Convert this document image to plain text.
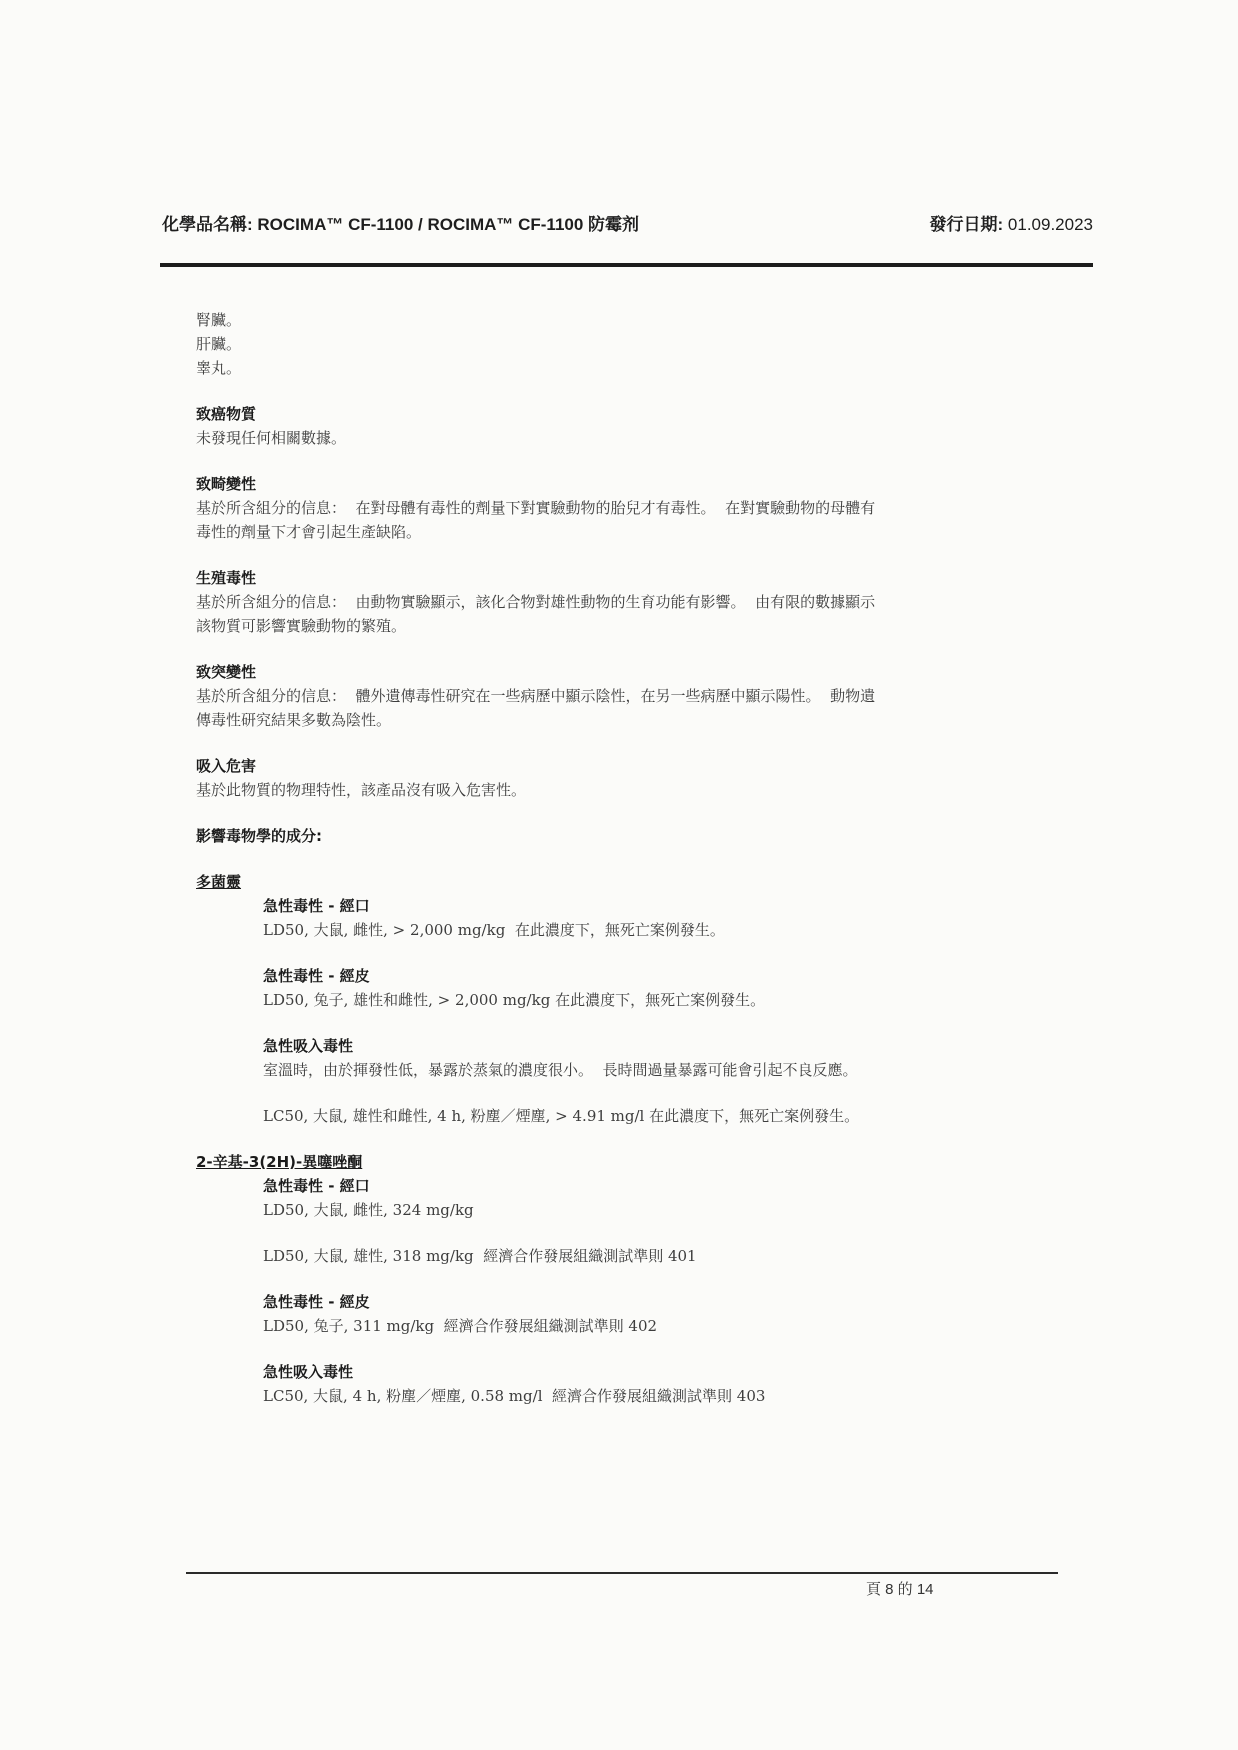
化學品名稱: ROCIMA™ CF-1100 / ROCIMA™ CF-1100 防霉剂	發行日期: 01.09.2023
腎臟。
肝臟。
睾丸。
致癌物質
未發現任何相關數據。
致畸變性
基於所含組分的信息：  在對母體有毒性的劑量下對實驗動物的胎兒才有毒性。  在對實驗動物的母體有
毒性的劑量下才會引起生產缺陷。
生殖毒性
基於所含組分的信息：  由動物實驗顯示，該化合物對雄性動物的生育功能有影響。  由有限的數據顯示
該物質可影響實驗動物的繁殖。
致突變性
基於所含組分的信息：  體外遺傳毒性研究在一些病歷中顯示陰性，在另一些病歷中顯示陽性。  動物遺
傳毒性研究結果多數為陰性。
吸入危害
基於此物質的物理特性，該產品沒有吸入危害性。
影響毒物學的成分:
多菌靈
急性毒性 - 經口
LD50, 大鼠, 雌性, > 2,000 mg/kg  在此濃度下，無死亡案例發生。
急性毒性 - 經皮
LD50, 兔子, 雄性和雌性, > 2,000 mg/kg 在此濃度下，無死亡案例發生。
急性吸入毒性
室溫時，由於揮發性低，暴露於蒸氣的濃度很小。  長時間過量暴露可能會引起不良反應。
LC50, 大鼠, 雄性和雌性, 4 h, 粉塵／煙塵, > 4.91 mg/l 在此濃度下，無死亡案例發生。
2-辛基-3(2H)-異噻唑酮
急性毒性 - 經口
LD50, 大鼠, 雌性, 324 mg/kg
LD50, 大鼠, 雄性, 318 mg/kg  經濟合作發展組織測試準則 401
急性毒性 - 經皮
LD50, 兔子, 311 mg/kg  經濟合作發展組織測試準則 402
急性吸入毒性
LC50, 大鼠, 4 h, 粉塵／煙塵, 0.58 mg/l  經濟合作發展組織測試準則 403
頁 8 的 14
